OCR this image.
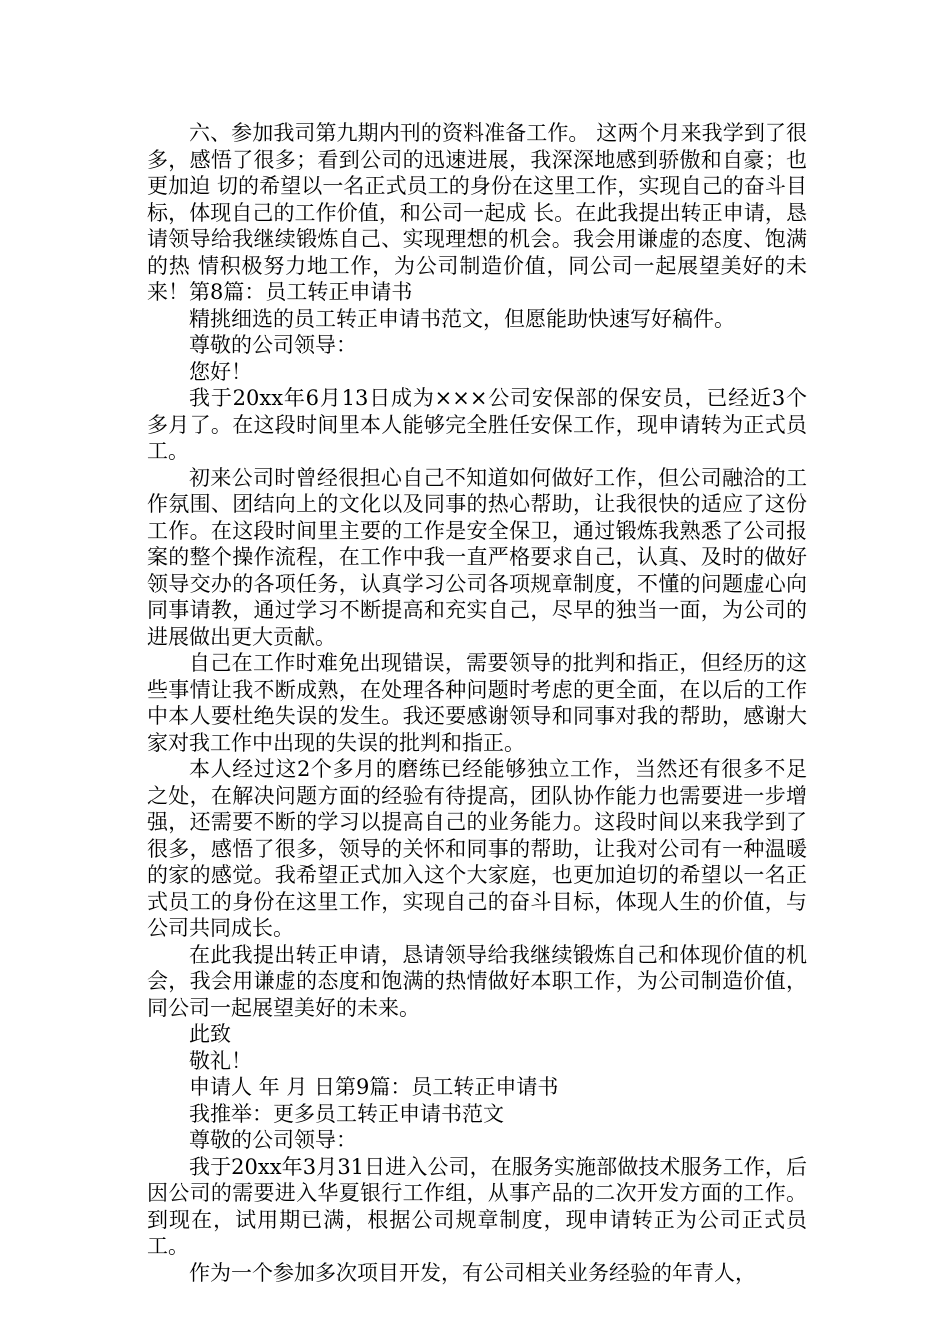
六、参加我司第九期内刊的资料准备工作。 这两个月来我学到了很多，感悟了很多；看到公司的迅速进展，我深深地感到骄傲和自豪；也更加迫 切的希望以一名正式员工的身份在这里工作，实现自己的奋斗目标，体现自己的工作价值，和公司一起成 长。在此我提出转正申请，恳请领导给我继续锻炼自己、实现理想的机会。我会用谦虚的态度、饱满的热 情积极努力地工作，为公司制造价值，同公司一起展望美好的未来！第8篇：员工转正申请书

精挑细选的员工转正申请书范文，但愿能助快速写好稿件。

尊敬的公司领导：

您好！

我于20xx年6月13日成为×××公司安保部的保安员，已经近3个多月了。在这段时间里本人能够完全胜任安保工作，现申请转为正式员工。

初来公司时曾经很担心自己不知道如何做好工作，但公司融洽的工作氛围、团结向上的文化以及同事的热心帮助，让我很快的适应了这份工作。在这段时间里主要的工作是安全保卫，通过锻炼我熟悉了公司报案的整个操作流程，在工作中我一直严格要求自己，认真、及时的做好领导交办的各项任务，认真学习公司各项规章制度，不懂的问题虚心向同事请教，通过学习不断提高和充实自己，尽早的独当一面，为公司的进展做出更大贡献。

自己在工作时难免出现错误，需要领导的批判和指正，但经历的这些事情让我不断成熟，在处理各种问题时考虑的更全面，在以后的工作中本人要杜绝失误的发生。我还要感谢领导和同事对我的帮助，感谢大家对我工作中出现的失误的批判和指正。

本人经过这2个多月的磨练已经能够独立工作，当然还有很多不足之处，在解决问题方面的经验有待提高，团队协作能力也需要进一步增强，还需要不断的学习以提高自己的业务能力。这段时间以来我学到了很多，感悟了很多，领导的关怀和同事的帮助，让我对公司有一种温暖的家的感觉。我希望正式加入这个大家庭，也更加迫切的希望以一名正式员工的身份在这里工作，实现自己的奋斗目标，体现人生的价值，与公司共同成长。

在此我提出转正申请，恳请领导给我继续锻炼自己和体现价值的机会，我会用谦虚的态度和饱满的热情做好本职工作，为公司制造价值，同公司一起展望美好的未来。

此致

敬礼！

申请人 年 月 日第9篇：员工转正申请书

我推举：更多员工转正申请书范文

尊敬的公司领导：

我于20xx年3月31日进入公司，在服务实施部做技术服务工作，后因公司的需要进入华夏银行工作组，从事产品的二次开发方面的工作。到现在，试用期已满，根据公司规章制度，现申请转正为公司正式员工。

作为一个参加多次项目开发，有公司相关业务经验的年青人，
